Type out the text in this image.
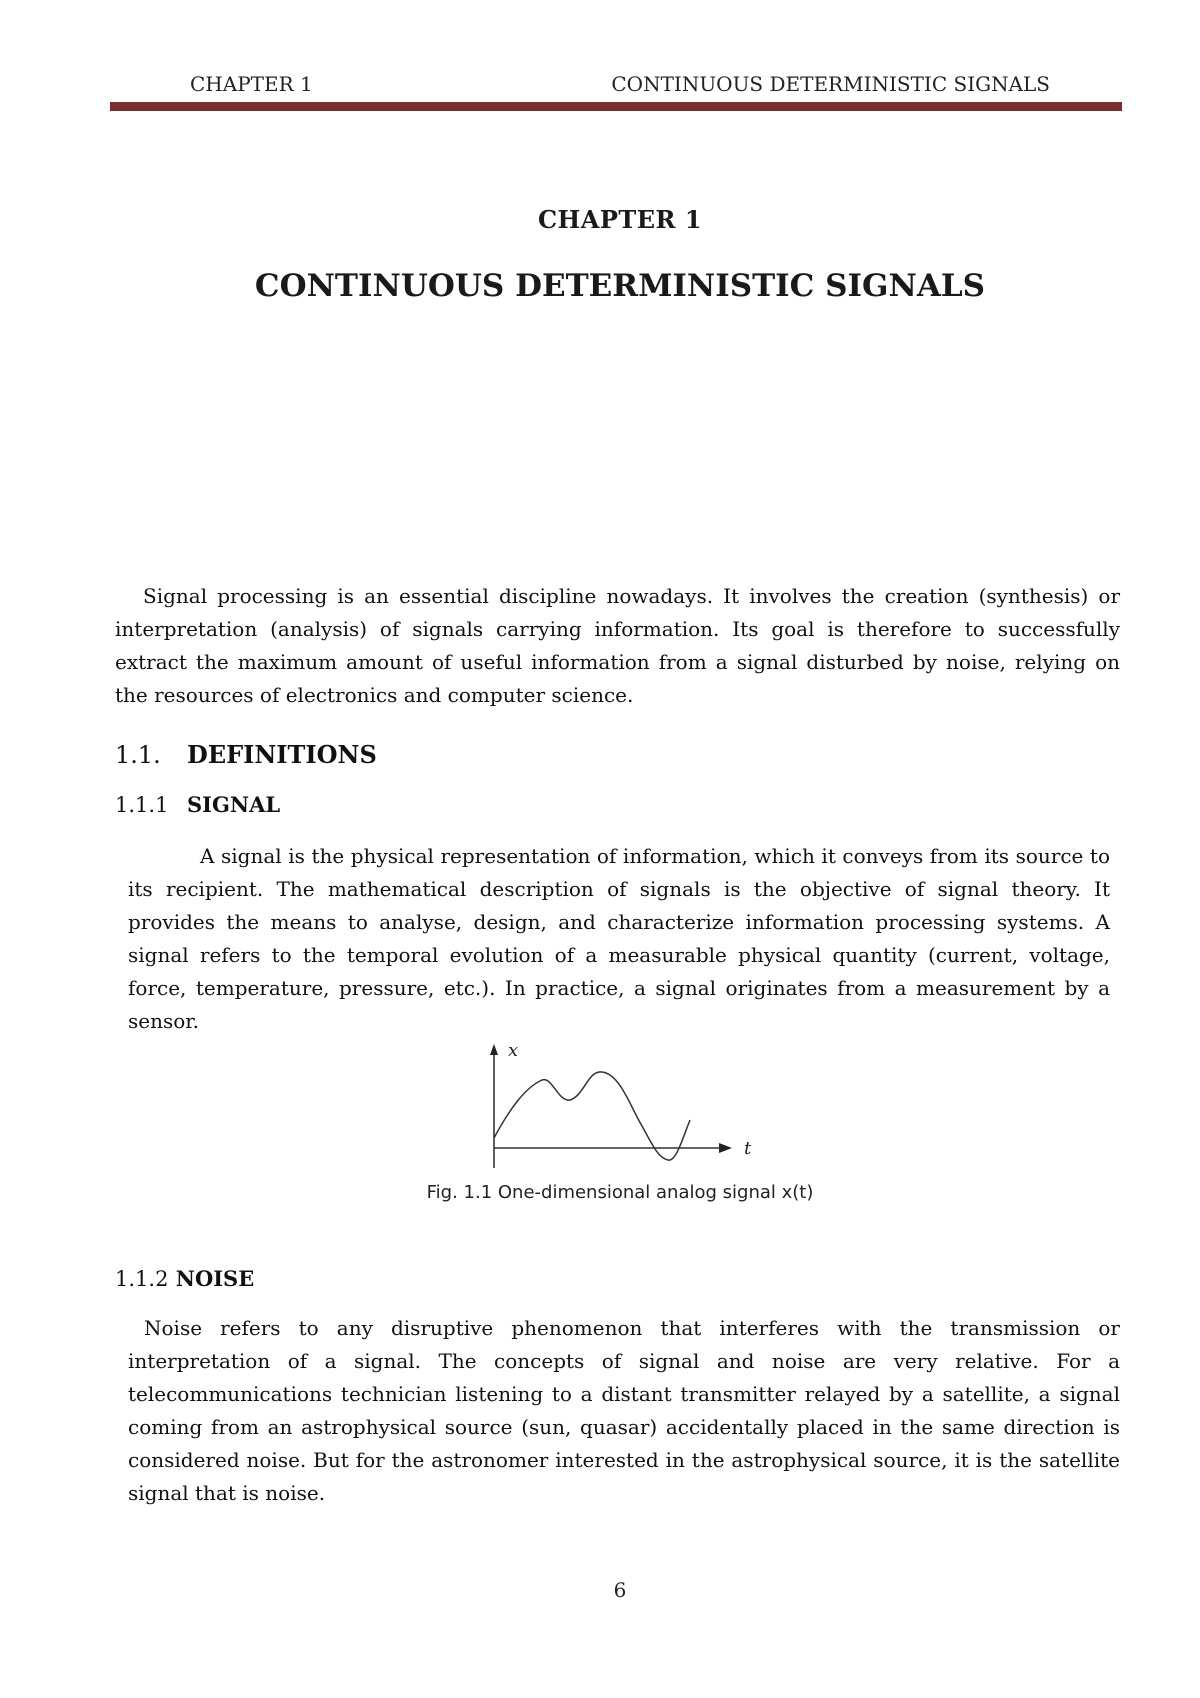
CHAPTER 1	CONTINUOUS DETERMINISTIC SIGNALS
CHAPTER 1
CONTINUOUS DETERMINISTIC SIGNALS
Signal processing is an essential discipline nowadays. It involves the creation (synthesis) or interpretation (analysis) of signals carrying information. Its goal is therefore to successfully extract the maximum amount of useful information from a signal disturbed by noise, relying on the resources of electronics and computer science.
1.1. DEFINITIONS
1.1.1 SIGNAL
A signal is the physical representation of information, which it conveys from its source to its recipient. The mathematical description of signals is the objective of signal theory. It provides the means to analyse, design, and characterize information processing systems. A signal refers to the temporal evolution of a measurable physical quantity (current, voltage, force, temperature, pressure, etc.). In practice, a signal originates from a measurement by a sensor.
x
t
Fig. 1.1 One-dimensional analog signal x(t)
1.1.2 NOISE
Noise refers to any disruptive phenomenon that interferes with the transmission or interpretation of a signal. The concepts of signal and noise are very relative. For a telecommunications technician listening to a distant transmitter relayed by a satellite, a signal coming from an astrophysical source (sun, quasar) accidentally placed in the same direction is considered noise. But for the astronomer interested in the astrophysical source, it is the satellite signal that is noise.
6
